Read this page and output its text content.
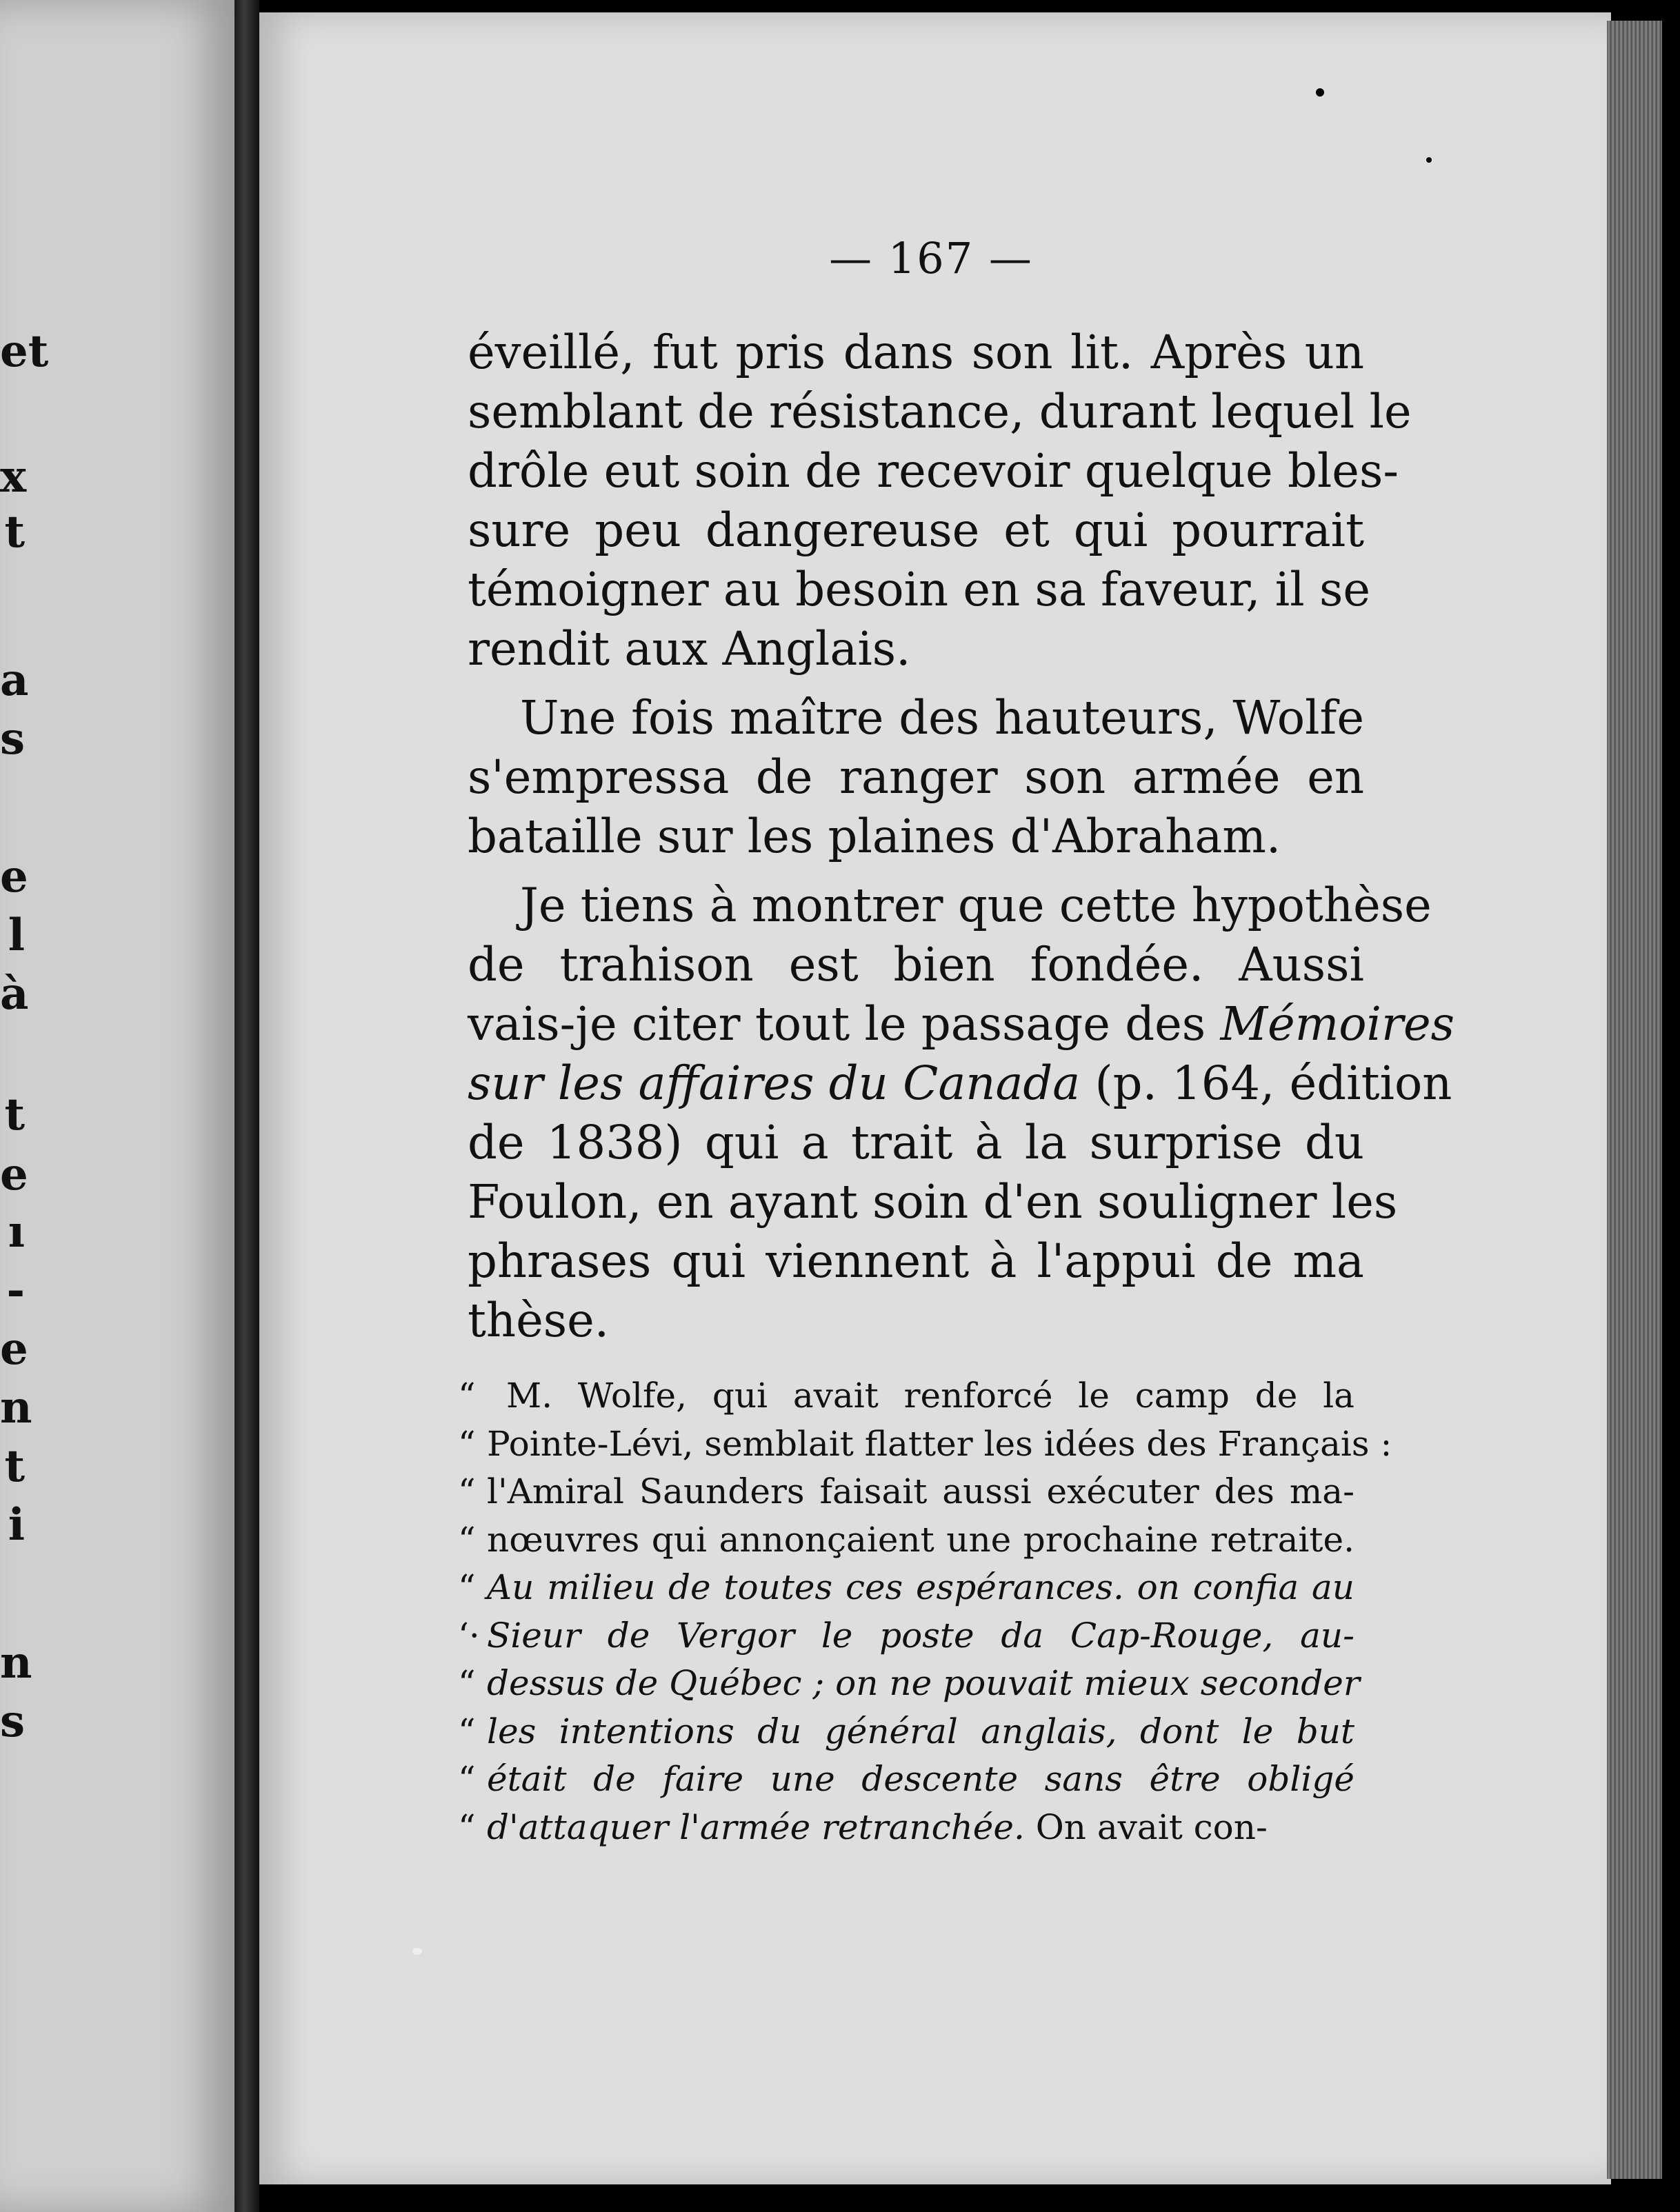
et
x
t
a
s
e
l
à
t
e
ı
-
e
n
t
i
n
s
— 167 —
éveillé, fut pris dans son lit. Après un
semblant de résistance, durant lequel le
drôle eut soin de recevoir quelque bles-
sure peu dangereuse et qui pourrait
témoigner au besoin en sa faveur, il se
rendit aux Anglais.
Une fois maître des hauteurs, Wolfe
s'empressa de ranger son armée en
bataille sur les plaines d'Abraham.
Je tiens à montrer que cette hypothèse
de trahison est bien fondée. Aussi
vais-je citer tout le passage des Mémoires
sur les affaires du Canada (p. 164, édition
de 1838) qui a trait à la surprise du
Foulon, en ayant soin d'en souligner les
phrases qui viennent à l'appui de ma
thèse.
“ M. Wolfe, qui avait renforcé le camp de la
“ Pointe-Lévi, semblait flatter les idées des Français :
“ l'Amiral Saunders faisait aussi exécuter des ma-
“ nœuvres qui annonçaient une prochaine retraite.
“ Au milieu de toutes ces espérances. on confia au
‘· Sieur de Vergor le poste da Cap-Rouge, au-
“ dessus de Québec ; on ne pouvait mieux seconder
“ les intentions du général anglais, dont le but
“ était de faire une descente sans être obligé
“ d'attaquer l'armée retranchée. On avait con-
